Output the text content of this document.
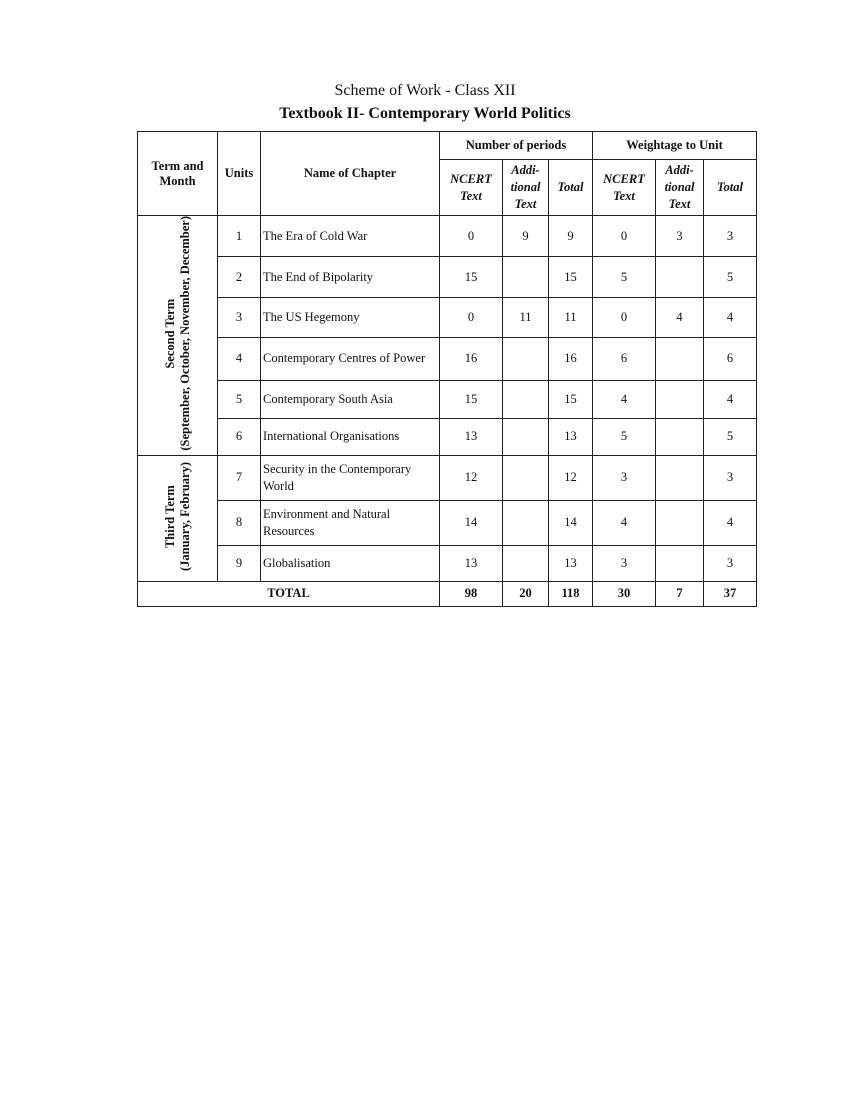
Scheme of Work - Class XII
Textbook II- Contemporary World Politics
Term and Month	Units	Name of Chapter	Number of periods			Weightage to Unit		
			NCERT Text	Addi-tional Text	Total	NCERT Text	Addi-tional Text	Total
Second Term
(September, October, November, December)	1	The Era of Cold War	0	9	9	0	3	3
	2	The End of Bipolarity	15		15	5		5
	3	The US Hegemony	0	11	11	0	4	4
	4	Contemporary Centres of Power	16		16	6		6
	5	Contemporary South Asia	15		15	4		4
	6	International Organisations	13		13	5		5
Third Term
(January, February)	7	Security in the Contemporary World	12		12	3		3
	8	Environment and Natural Resources	14		14	4		4
	9	Globalisation	13		13	3		3
TOTAL			98	20	118	30	7	37
